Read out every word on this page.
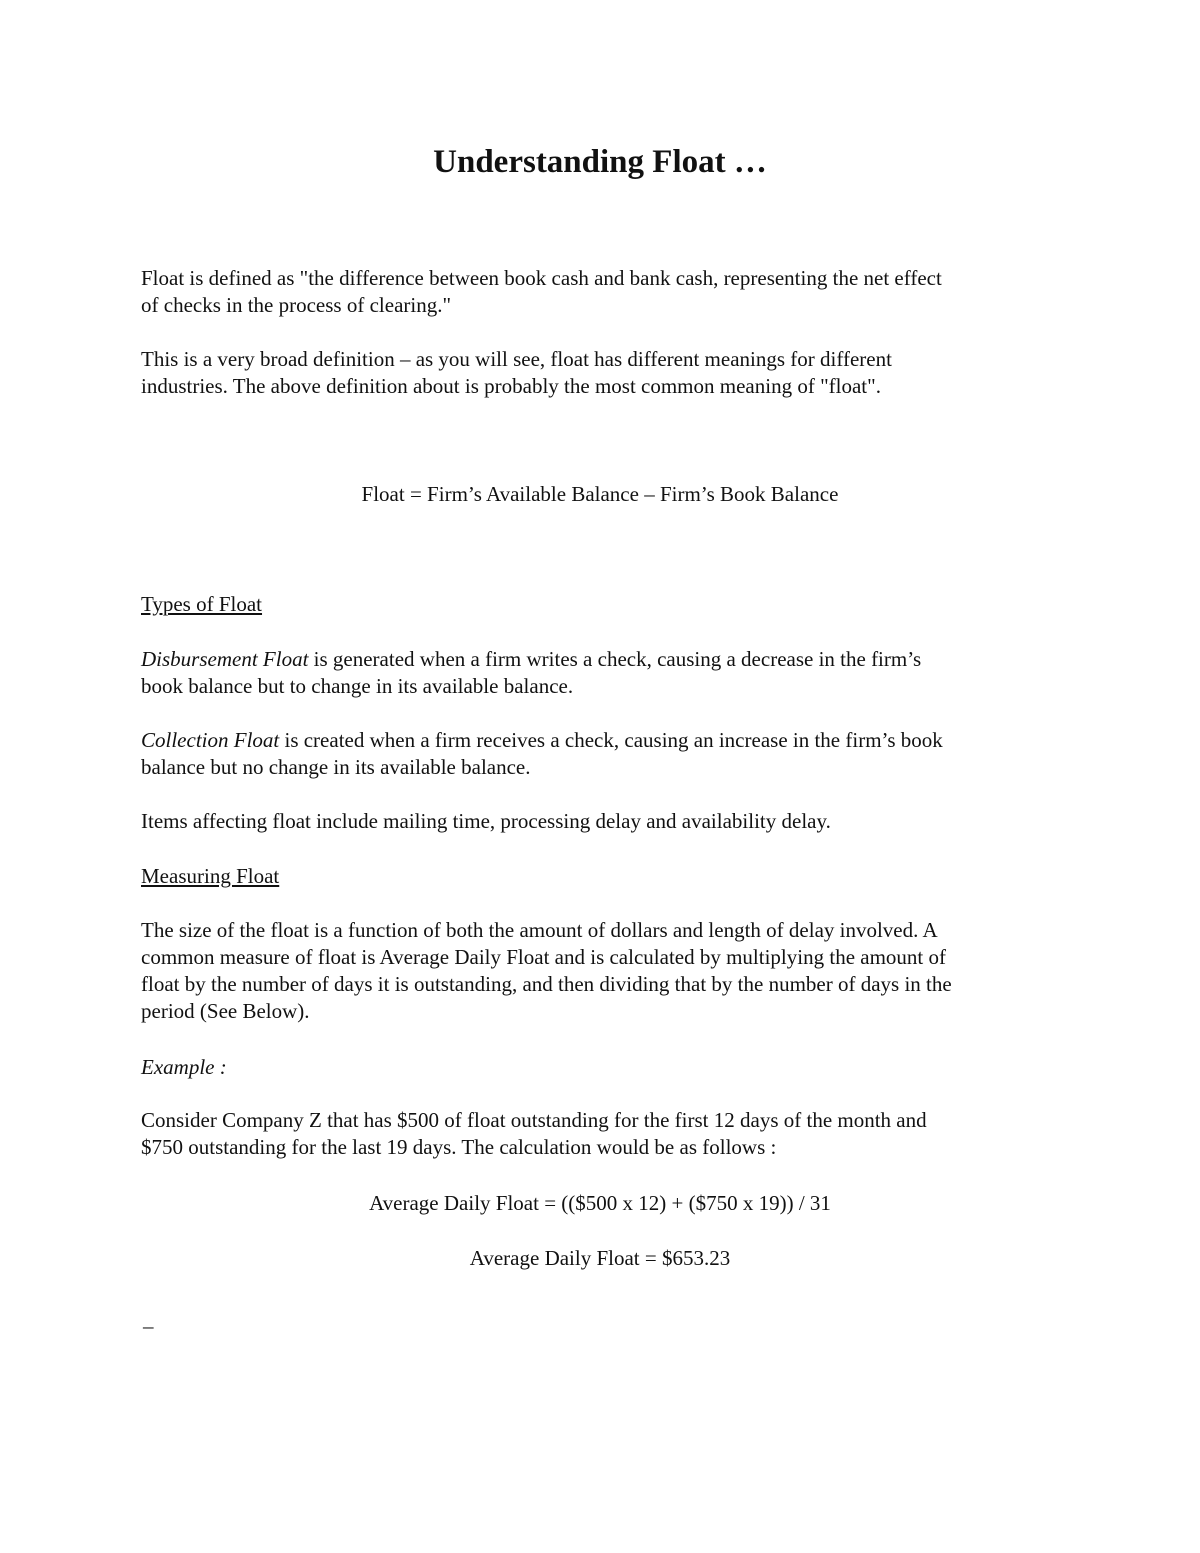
Understanding Float …
Float is defined as "the difference between book cash and bank cash, representing the net effect
of checks in the process of clearing."
This is a very broad definition – as you will see, float has different meanings for different
industries. The above definition about is probably the most common meaning of "float".
Float = Firm’s Available Balance – Firm’s Book Balance
Types of Float
Disbursement Float is generated when a firm writes a check, causing a decrease in the firm’s
book balance but to change in its available balance.
Collection Float is created when a firm receives a check, causing an increase in the firm’s book
balance but no change in its available balance.
Items affecting float include mailing time, processing delay and availability delay.
Measuring Float
The size of the float is a function of both the amount of dollars and length of delay involved. A
common measure of float is Average Daily Float and is calculated by multiplying the amount of
float by the number of days it is outstanding, and then dividing that by the number of days in the
period (See Below).
Example :
Consider Company Z that has $500 of float outstanding for the first 12 days of the month and
$750 outstanding for the last 19 days. The calculation would be as follows :
Average Daily Float = (($500 x 12) + ($750 x 19)) / 31
Average Daily Float = $653.23
–
